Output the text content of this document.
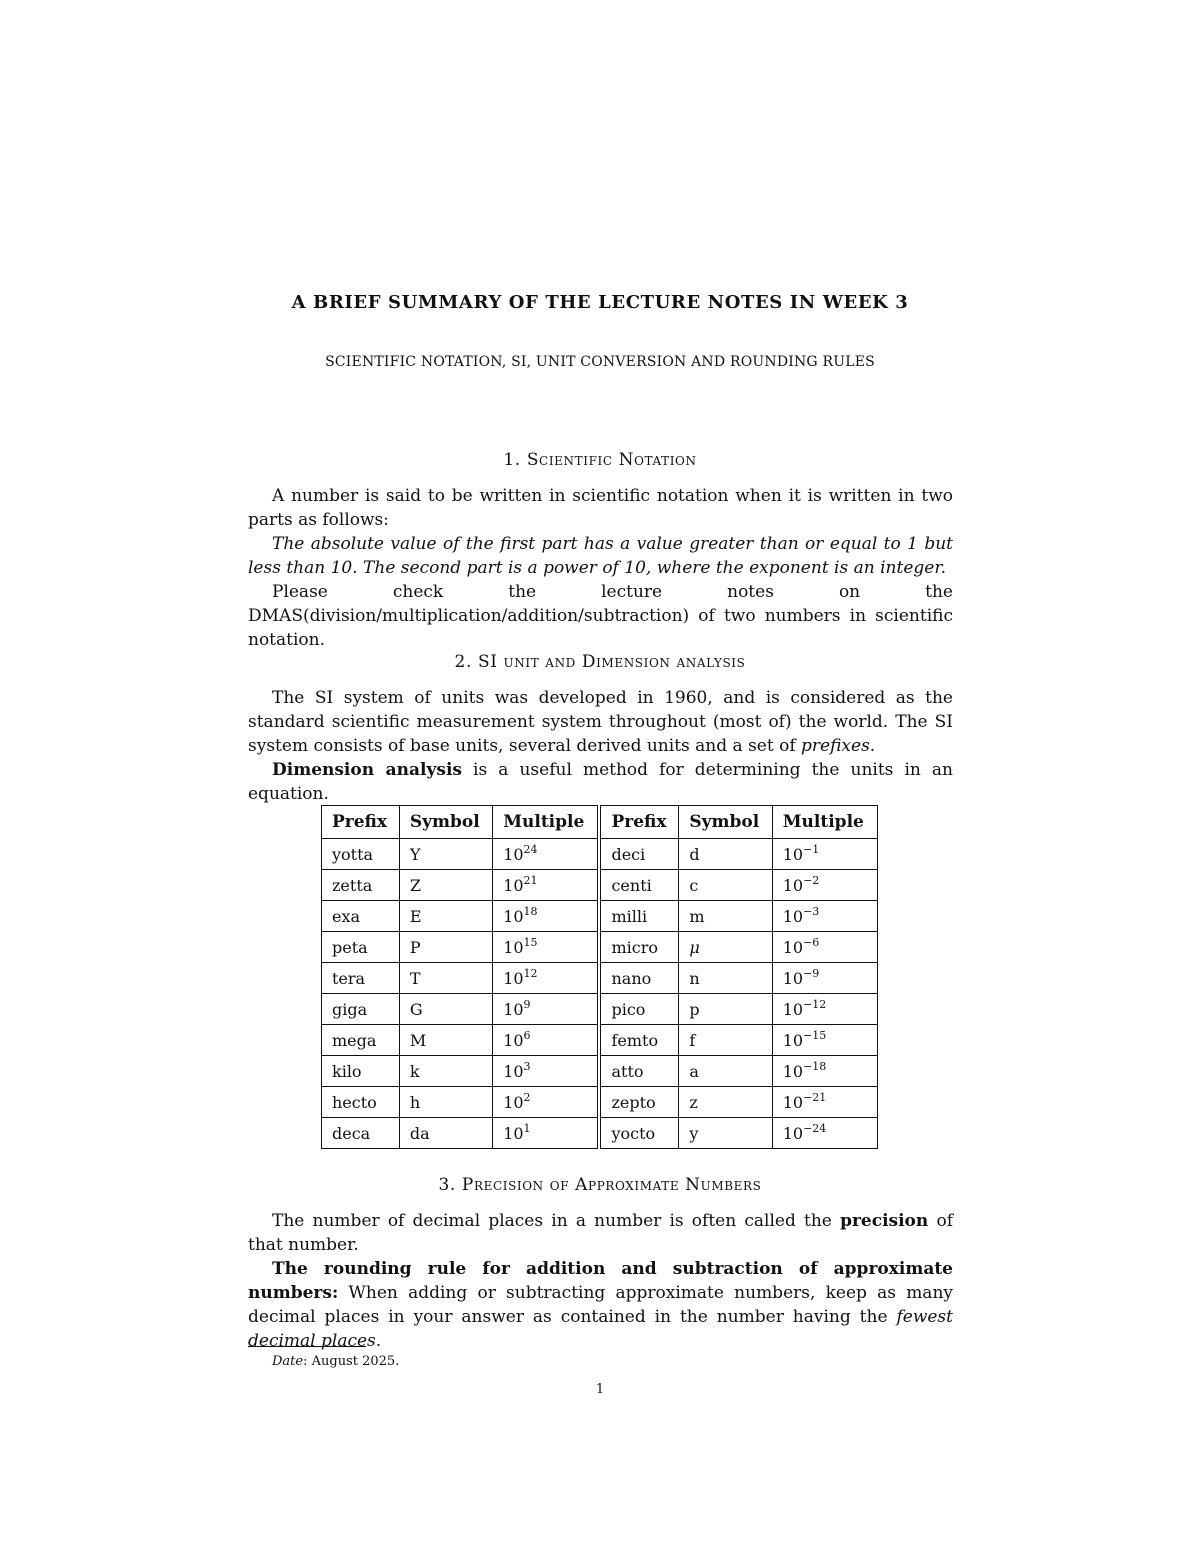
A BRIEF SUMMARY OF THE LECTURE NOTES IN WEEK 3
SCIENTIFIC NOTATION, SI, UNIT CONVERSION AND ROUNDING RULES
1. Scientific Notation

A number is said to be written in scientific notation when it is written in two parts as follows:

The absolute value of the first part has a value greater than or equal to 1 but less than 10. The second part is a power of 10, where the exponent is an integer.

Please check the lecture notes on the DMAS(division/multiplication/addition/subtraction) of two numbers in scientific notation.

2. SI unit and Dimension analysis

The SI system of units was developed in 1960, and is considered as the standard scientific measurement system throughout (most of) the world. The SI system consists of base units, several derived units and a set of prefixes.

Dimension analysis is a useful method for determining the units in an equation.

Prefix	Symbol	Multiple	Prefix	Symbol	Multiple
yotta	Y	$10^{24}$	deci	d	$10^{-1}$
zetta	Z	$10^{21}$	centi	c	$10^{-2}$
exa	E	$10^{18}$	milli	m	$10^{-3}$
peta	P	$10^{15}$	micro	μ	$10^{-6}$
tera	T	$10^{12}$	nano	n	$10^{-9}$
giga	G	$10^9$	pico	p	$10^{-12}$
mega	M	$10^6$	femto	f	$10^{-15}$
kilo	k	$10^3$	atto	a	$10^{-18}$
hecto	h	$10^2$	zepto	z	$10^{-21}$
deca	da	$10^1$	yocto	y	$10^{-24}$
3. Precision of Approximate Numbers

The number of decimal places in a number is often called the precision of that number.

The rounding rule for addition and subtraction of approximate numbers: When adding or subtracting approximate numbers, keep as many decimal places in your answer as contained in the number having the fewest decimal places.

Date: August 2025.
1
